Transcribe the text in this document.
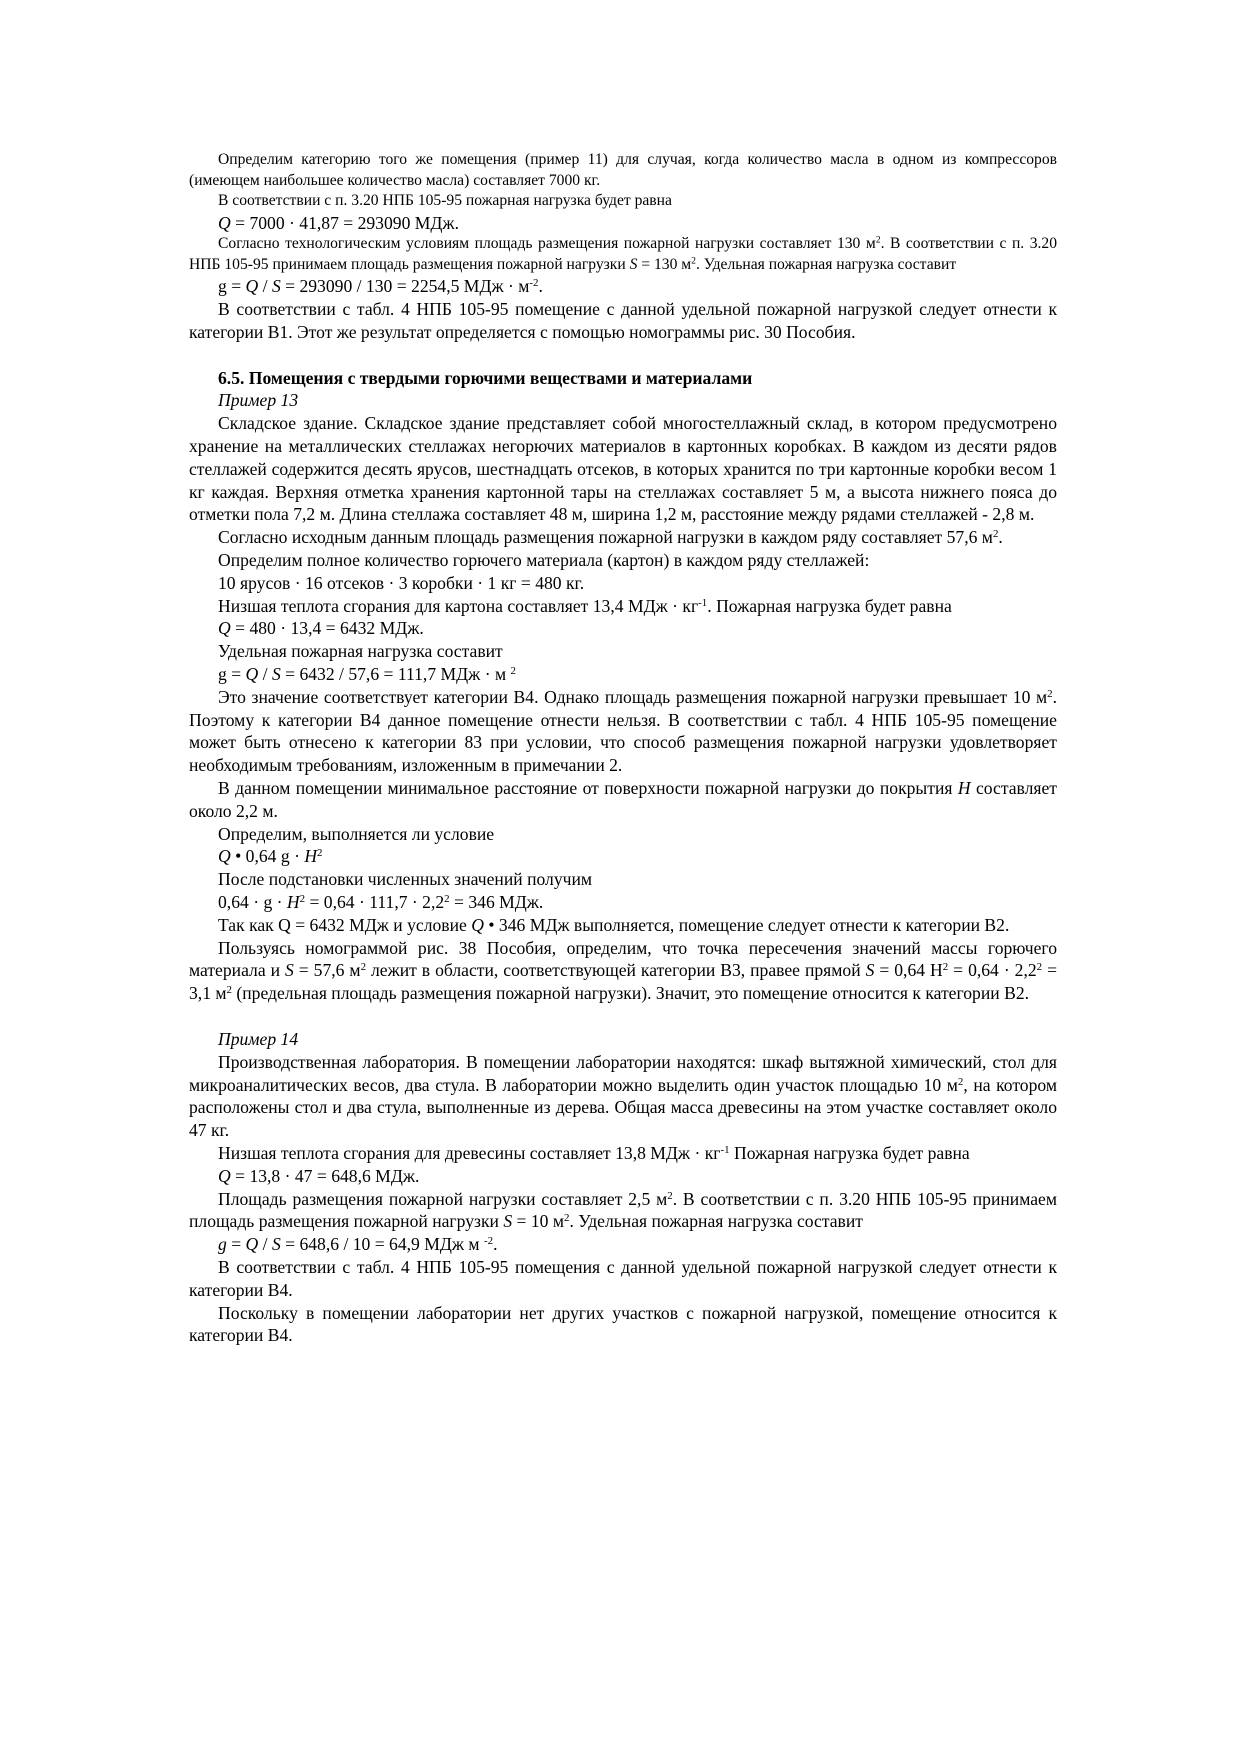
Определим категорию того же помещения (пример 11) для случая, когда количество масла в одном из компрессоров (имеющем наибольшее количество масла) составляет 7000 кг.

В соответствии с п. 3.20 НПБ 105-95 пожарная нагрузка будет равна

Q = 7000 · 41,87 = 293090 МДж.

Согласно технологическим условиям площадь размещения пожарной нагрузки составляет 130 $м^2$. В соответствии с п. 3.20 НПБ 105-95 принимаем площадь размещения пожарной нагрузки S = 130 $м^2$. Удельная пожарная нагрузка составит

g = Q / S = 293090 / 130 = 2254,5 МДж · $м^{-2}$.

В соответствии с табл. 4 НПБ 105-95 помещение с данной удельной пожарной нагрузкой следует отнести к категории В1. Этот же результат определяется с помощью номограммы рис. 30 Пособия.

6.5. Помещения с твердыми горючими веществами и материалами

Пример 13

Складское здание. Складское здание представляет собой многостеллажный склад, в котором предусмотрено хранение на металлических стеллажах негорючих материалов в картонных коробках. В каждом из десяти рядов стеллажей содержится десять ярусов, шестнадцать отсеков, в которых хранится по три картонные коробки весом 1 кг каждая. Верхняя отметка хранения картонной тары на стеллажах составляет 5 м, а высота нижнего пояса до отметки пола 7,2 м. Длина стеллажа составляет 48 м, ширина 1,2 м, расстояние между рядами стеллажей - 2,8 м.

Согласно исходным данным площадь размещения пожарной нагрузки в каждом ряду составляет 57,6 $м^2$.

Определим полное количество горючего материала (картон) в каждом ряду стеллажей:

10 ярусов · 16 отсеков · 3 коробки · 1 кг = 480 кг.

Низшая теплота сгорания для картона составляет 13,4 МДж · $кг^{-1}$. Пожарная нагрузка будет равна

Q = 480 · 13,4 = 6432 МДж.

Удельная пожарная нагрузка составит

g = Q / S = 6432 / 57,6 = 111,7 МДж · м $^2$

Это значение соответствует категории В4. Однако площадь размещения пожарной нагрузки превышает 10 $м^2$. Поэтому к категории В4 данное помещение отнести нельзя. В соответствии с табл. 4 НПБ 105-95 помещение может быть отнесено к категории 83 при условии, что способ размещения пожарной нагрузки удовлетворяет необходимым требованиям, изложенным в примечании 2.

В данном помещении минимальное расстояние от поверхности пожарной нагрузки до покрытия H составляет около 2,2 м.

Определим, выполняется ли условие

Q • 0,64 $g \cdot H^2$

После подстановки численных значений получим

$0,64 \cdot g \cdot H^2 = 0,64 \cdot 111,7 \cdot 2,2^2 = 346$ МДж.

Так как Q = 6432 МДж и условие Q • 346 МДж выполняется, помещение следует отнести к категории В2.

Пользуясь номограммой рис. 38 Пособия, определим, что точка пересечения значений массы горючего материала и S = 57,6 $м^2$ лежит в области, соответствующей категории В3, правее прямой S = 0,64 $Н^2 = 0,64 \cdot 2,2^2 = 3,1$ $м^2$ (предельная площадь размещения пожарной нагрузки). Значит, это помещение относится к категории В2.

Пример 14

Производственная лаборатория. В помещении лаборатории находятся: шкаф вытяжной химический, стол для микроаналитических весов, два стула. В лаборатории можно выделить один участок площадью 10 $м^2$, на котором расположены стол и два стула, выполненные из дерева. Общая масса древесины на этом участке составляет около 47 кг.

Низшая теплота сгорания для древесины составляет 13,8 МДж · $кг^{-1}$ Пожарная нагрузка будет равна

Q = 13,8 · 47 = 648,6 МДж.

Площадь размещения пожарной нагрузки составляет 2,5 $м^2$. В соответствии с п. 3.20 НПБ 105-95 принимаем площадь размещения пожарной нагрузки S = 10 $м^2$. Удельная пожарная нагрузка составит

g = Q / S = 648,6 / 10 = 64,9 МДж м $^{-2}$.

В соответствии с табл. 4 НПБ 105-95 помещения с данной удельной пожарной нагрузкой следует отнести к категории В4.

Поскольку в помещении лаборатории нет других участков с пожарной нагрузкой, помещение относится к категории В4.
